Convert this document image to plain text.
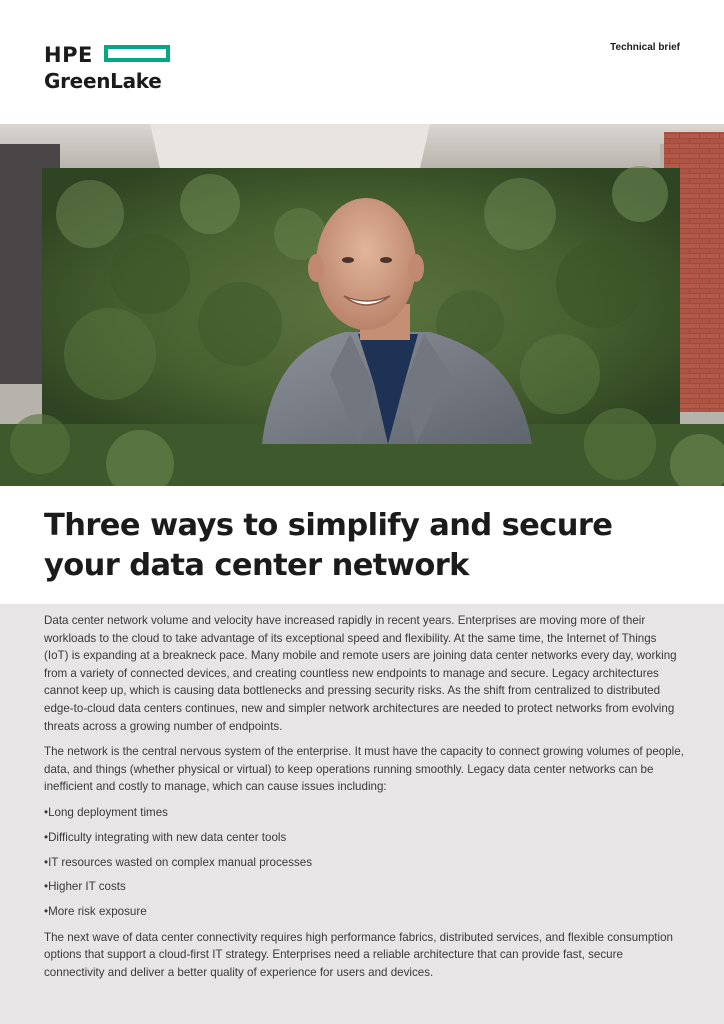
HPE
GreenLake
Technical brief
Three ways to simplify and secure your data center network

Data center network volume and velocity have increased rapidly in recent years. Enterprises are moving more of their workloads to the cloud to take advantage of its exceptional speed and flexibility. At the same time, the Internet of Things (IoT) is expanding at a breakneck pace. Many mobile and remote users are joining data center networks every day, working from a variety of connected devices, and creating countless new endpoints to manage and secure. Legacy architectures cannot keep up, which is causing data bottlenecks and pressing security risks. As the shift from centralized to distributed edge-to-cloud data centers continues, new and simpler network architectures are needed to protect networks from evolving threats across a growing number of endpoints.

The network is the central nervous system of the enterprise. It must have the capacity to connect growing volumes of people, data, and things (whether physical or virtual) to keep operations running smoothly. Legacy data center networks can be inefficient and costly to manage, which can cause issues including:

• Long deployment times
• Difficulty integrating with new data center tools
• IT resources wasted on complex manual processes
• Higher IT costs
• More risk exposure

The next wave of data center connectivity requires high performance fabrics, distributed services, and flexible consumption options that support a cloud-first IT strategy. Enterprises need a reliable architecture that can provide fast, secure connectivity and deliver a better quality of experience for users and devices.
